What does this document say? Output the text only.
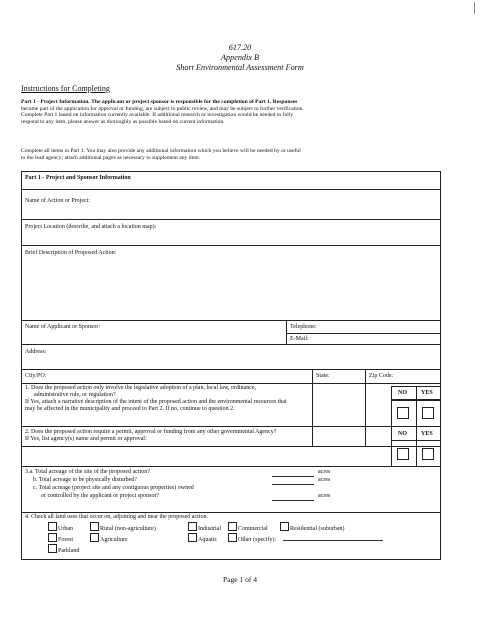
617.20
Appendix B
Short Environmental Assessment Form
Instructions for Completing
Part 1 - Project Information. The applicant or project sponsor is responsible for the completion of Part 1. Responses
become part of the application for approval or funding, are subject to public review, and may be subject to further verification.
Complete Part 1 based on information currently available. If additional research or investigation would be needed to fully
respond to any item, please answer as thoroughly as possible based on current information.
Complete all items in Part 1. You may also provide any additional information which you believe will be needed by or useful
to the lead agency; attach additional pages as necessary to supplement any item.
Part 1 - Project and Sponsor Information
Name of Action or Project:
Project Location (describe, and attach a location map):
Brief Description of Proposed Action:
Name of Applicant or Sponsor:	Telephone:
E-Mail:
Address:
City/PO:	State:	Zip Code:
1. Does the proposed action only involve the legislative adoption of a plan, local law, ordinance,
administrative rule, or regulation?
If Yes, attach a narrative description of the intent of the proposed action and the environmental resources that
may be affected in the municipality and proceed to Part 2. If no, continue to question 2.
NO YES
2. Does the proposed action require a permit, approval or funding from any other governmental Agency?
If Yes, list agency(s) name and permit or approval:
NO YES
3.a. Total acreage of the site of the proposed action?
b. Total acreage to be physically disturbed?
c. Total acreage (project site and any contiguous properties) owned
or controlled by the applicant or project sponsor?
acres
acres
acres
4. Check all land uses that occur on, adjoining and near the proposed action.
Urban	Rural (non-agriculture)	Industrial	Commercial	Residential (suburban)
Forest	Agriculture	Aquatic	Other (specify):
Parkland
Page 1 of 4
